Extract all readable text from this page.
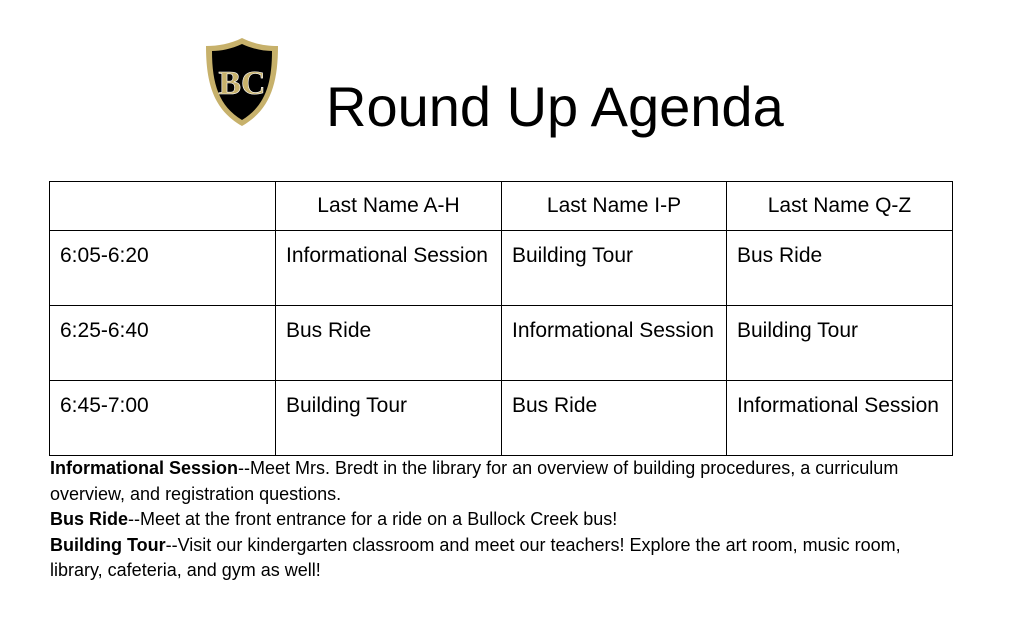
BC Round Up Agenda
	Last Name A-H	Last Name I-P	Last Name Q-Z
6:05-6:20	Informational Session	Building Tour	Bus Ride
6:25-6:40	Bus Ride	Informational Session	Building Tour
6:45-7:00	Building Tour	Bus Ride	Informational Session

Informational Session--Meet Mrs. Bredt in the library for an overview of building procedures, a curriculum overview, and registration questions.

Bus Ride--Meet at the front entrance for a ride on a Bullock Creek bus!

Building Tour--Visit our kindergarten classroom and meet our teachers! Explore the art room, music room, library, cafeteria, and gym as well!
